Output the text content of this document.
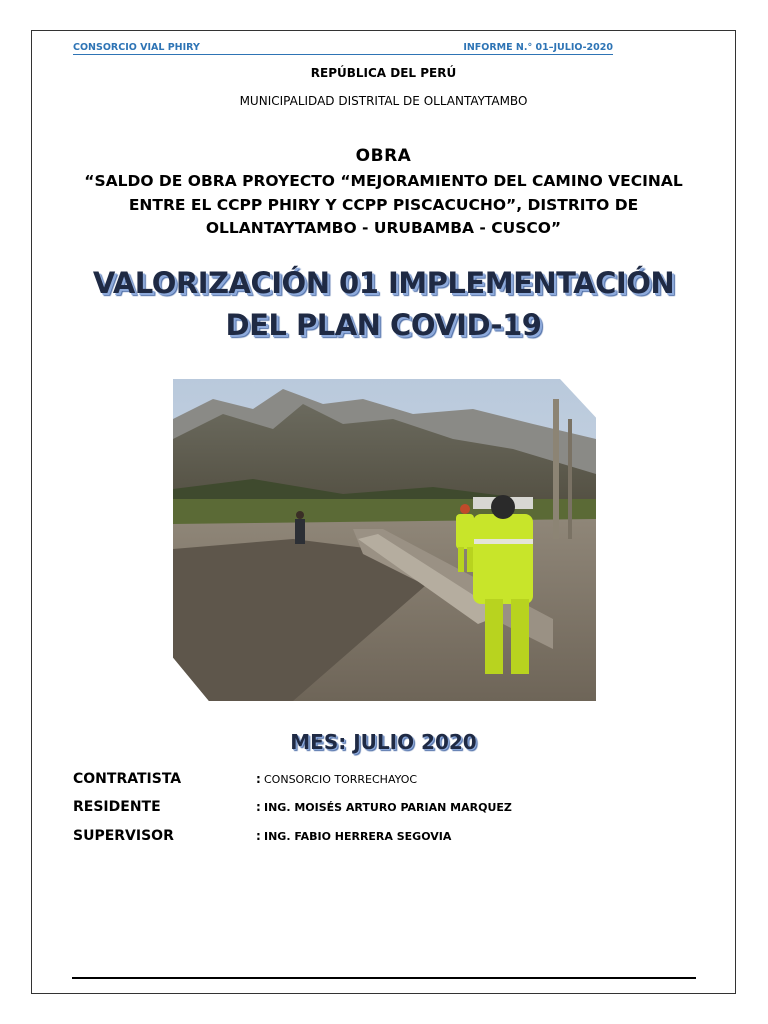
CONSORCIO VIAL PHIRY	INFORME N.° 01–JULIO-2020
REPÚBLICA DEL PERÚ
MUNICIPALIDAD DISTRITAL DE OLLANTAYTAMBO
OBRA
“SALDO DE OBRA PROYECTO “MEJORAMIENTO DEL CAMINO VECINAL ENTRE EL CCPP PHIRY Y CCPP PISCACUCHO”, DISTRITO DE OLLANTAYTAMBO - URUBAMBA - CUSCO”
VALORIZACIÓN 01 IMPLEMENTACIÓN
DEL PLAN COVID-19
MES: JULIO 2020
CONTRATISTA	: CONSORCIO TORRECHAYOC
RESIDENTE	: ING. MOISÉS ARTURO PARIAN MARQUEZ
SUPERVISOR	: ING. FABIO HERRERA SEGOVIA
